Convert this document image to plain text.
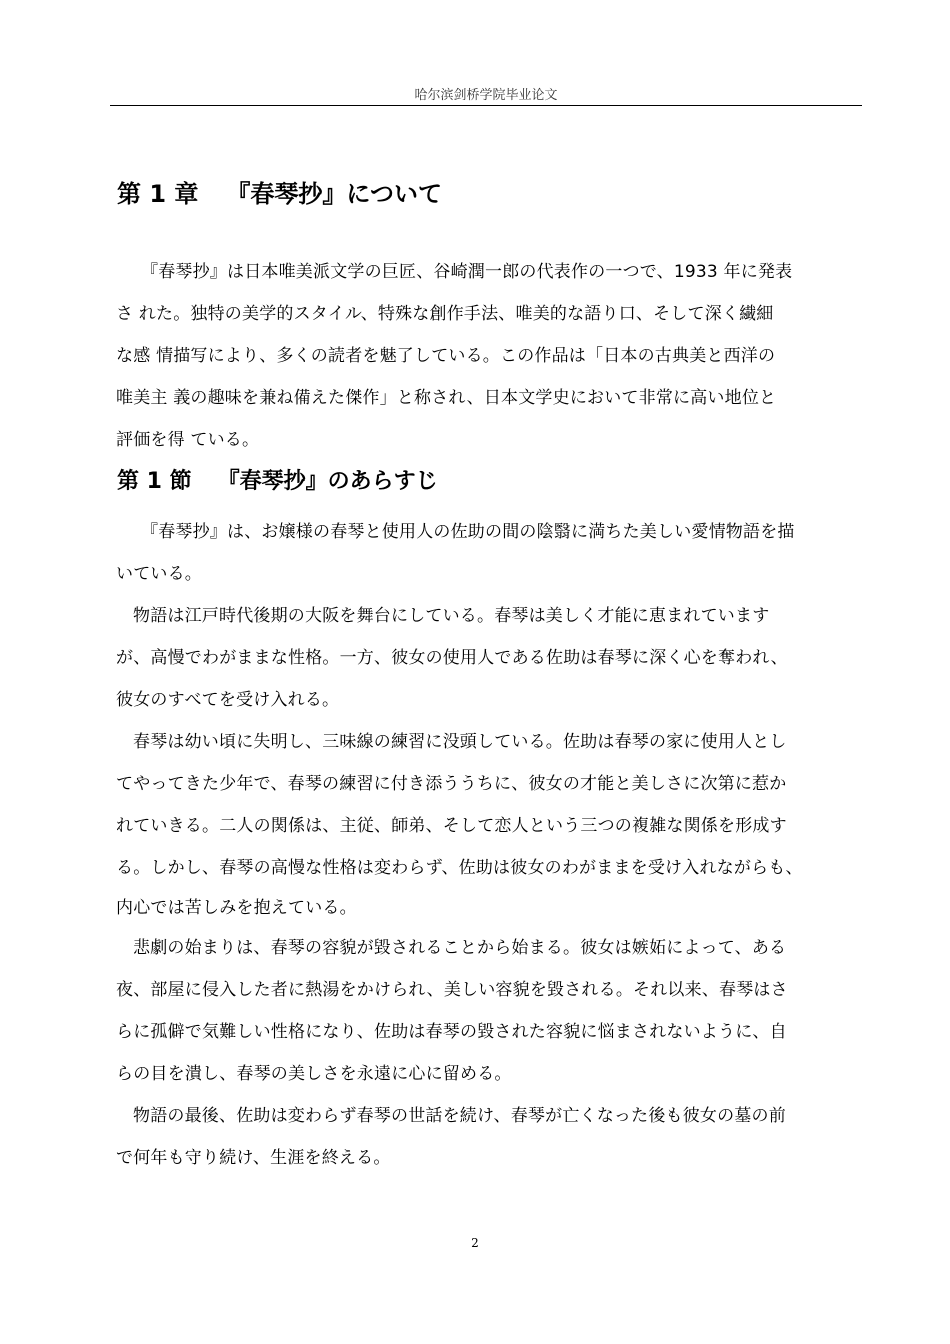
哈尔滨剑桥学院毕业论文
第 1 章 『春琴抄』について
『春琴抄』は日本唯美派文学の巨匠、谷崎潤一郎の代表作の一つで、1933 年に発表
さ れた。独特の美学的スタイル、特殊な創作手法、唯美的な語り口、そして深く繊細
な感 情描写により、多くの読者を魅了している。この作品は「日本の古典美と西洋の
唯美主 義の趣味を兼ね備えた傑作」と称され、日本文学史において非常に高い地位と
評価を得 ている。
第 1 節 『春琴抄』のあらすじ
『春琴抄』は、お嬢様の春琴と使用人の佐助の間の陰翳に満ちた美しい愛情物語を描
いている。
物語は江戸時代後期の大阪を舞台にしている。春琴は美しく才能に恵まれています
が、高慢でわがままな性格。一方、彼女の使用人である佐助は春琴に深く心を奪われ、
彼女のすべてを受け入れる。
春琴は幼い頃に失明し、三味線の練習に没頭している。佐助は春琴の家に使用人とし
てやってきた少年で、春琴の練習に付き添ううちに、彼女の才能と美しさに次第に惹か
れていきる。二人の関係は、主従、師弟、そして恋人という三つの複雑な関係を形成す
る。しかし、春琴の高慢な性格は変わらず、佐助は彼女のわがままを受け入れながらも、
内心では苦しみを抱えている。
悲劇の始まりは、春琴の容貌が毀されることから始まる。彼女は嫉妬によって、ある
夜、部屋に侵入した者に熱湯をかけられ、美しい容貌を毀される。それ以来、春琴はさ
らに孤僻で気難しい性格になり、佐助は春琴の毀された容貌に悩まされないように、自
らの目を潰し、春琴の美しさを永遠に心に留める。
物語の最後、佐助は変わらず春琴の世話を続け、春琴が亡くなった後も彼女の墓の前
で何年も守り続け、生涯を終える。
2
